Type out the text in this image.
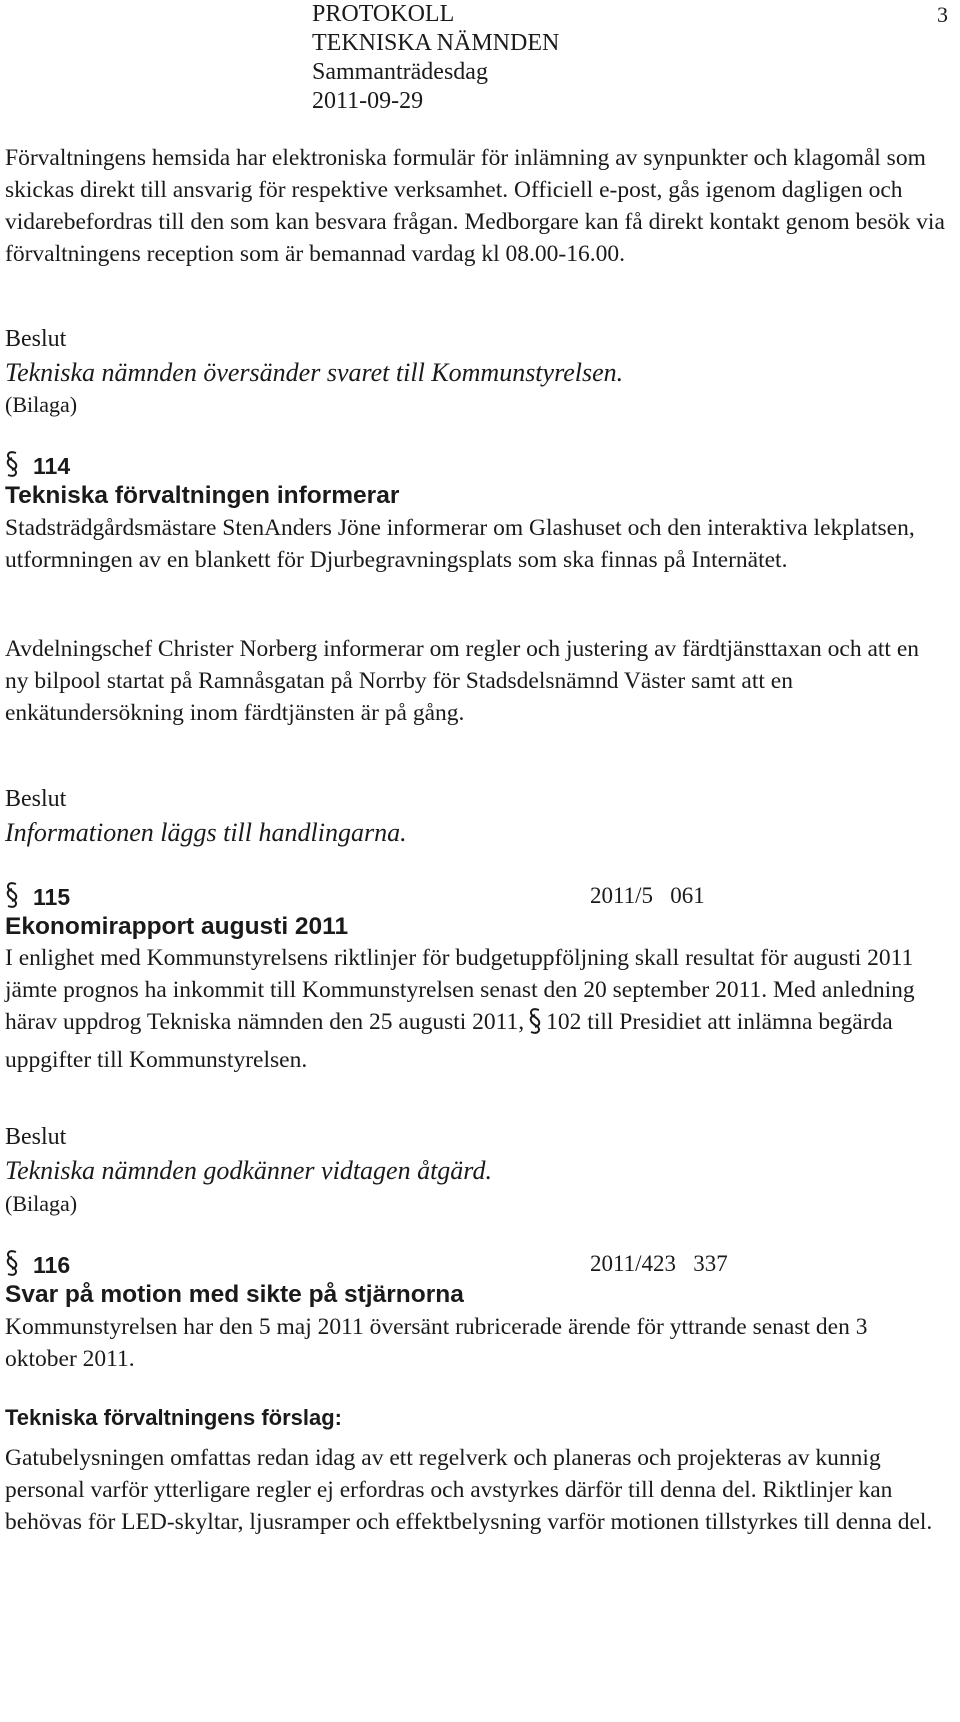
PROTOKOLL
TEKNISKA NÄMNDEN
Sammanträdesdag
2011-09-29
3

Förvaltningens hemsida har elektroniska formulär för inlämning av synpunkter och klagomål som skickas direkt till ansvarig för respektive verksamhet. Officiell e-post, gås igenom dagligen och vidarebefordras till den som kan besvara frågan. Medborgare kan få direkt kontakt genom besök via förvaltningens reception som är bemannad vardag kl 08.00-16.00.

Beslut
Tekniska nämnden översänder svaret till Kommunstyrelsen.
(Bilaga)
114
Tekniska förvaltningen informerar

Stadsträdgårdsmästare StenAnders Jöne informerar om Glashuset och den interaktiva lekplatsen, utformningen av en blankett för Djurbegravningsplats som ska finnas på Internätet.

Avdelningschef Christer Norberg informerar om regler och justering av färdtjänsttaxan och att en ny bilpool startat på Ramnåsgatan på Norrby för Stadsdelsnämnd Väster samt att en enkätundersökning inom färdtjänsten är på gång.

Beslut
Informationen läggs till handlingarna.
115	2011/5   061
Ekonomirapport augusti 2011

I enlighet med Kommunstyrelsens riktlinjer för budgetuppföljning skall resultat för augusti 2011 jämte prognos ha inkommit till Kommunstyrelsen senast den 20 september 2011. Med anledning härav uppdrog Tekniska nämnden den 25 augusti 2011, 102 till Presidiet att inlämna begärda uppgifter till Kommunstyrelsen.

Beslut
Tekniska nämnden godkänner vidtagen åtgärd.
(Bilaga)
116	2011/423   337
Svar på motion med sikte på stjärnorna

Kommunstyrelsen har den 5 maj 2011 översänt rubricerade ärende för yttrande senast den 3 oktober 2011.

Tekniska förvaltningens förslag:

Gatubelysningen omfattas redan idag av ett regelverk och planeras och projekteras av kunnig personal varför ytterligare regler ej erfordras och avstyrkes därför till denna del. Riktlinjer kan behövas för LED-skyltar, ljusramper och effektbelysning varför motionen tillstyrkes till denna del.
